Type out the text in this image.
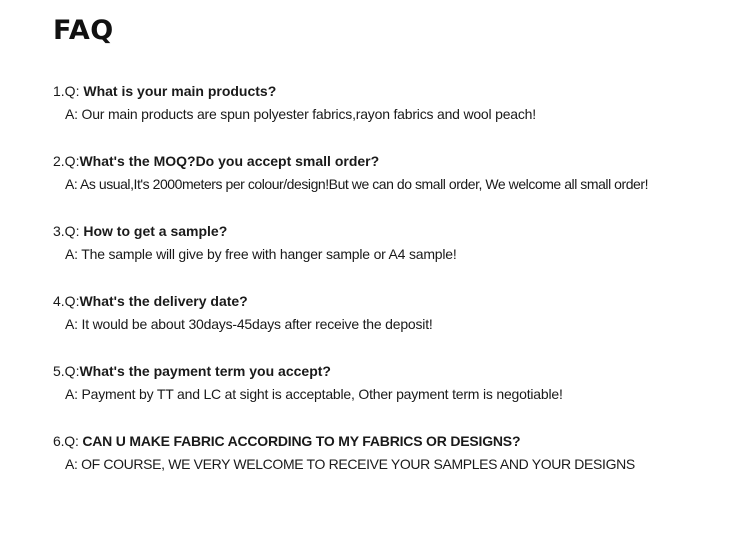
FAQ
1.Q: What is your main products?
A: Our main products are spun polyester fabrics,rayon fabrics and wool peach!
2.Q:What's the MOQ?Do you accept small order?
A: As usual,It's 2000meters per colour/design!But we can do small order, We welcome all small order!
3.Q: How to get a sample?
A: The sample will give by free with hanger sample or A4 sample!
4.Q:What's the delivery date?
A: It would be about 30days-45days after receive the deposit!
5.Q:What's the payment term you accept?
A: Payment by TT and LC at sight is acceptable, Other payment term is negotiable!
6.Q: CAN U MAKE FABRIC ACCORDING TO MY FABRICS OR DESIGNS?
A: OF COURSE, WE VERY WELCOME TO RECEIVE YOUR SAMPLES AND YOUR DESIGNS
